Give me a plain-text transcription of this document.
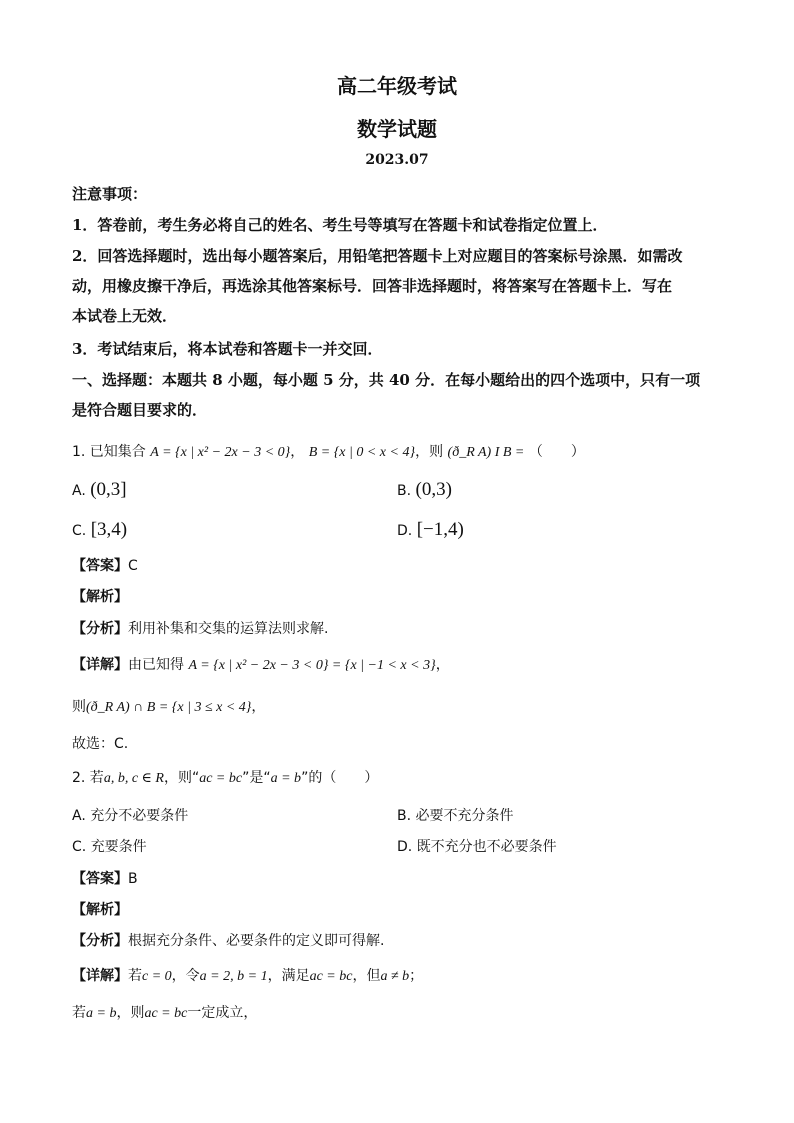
高二年级考试
数学试题
2023.07
注意事项：
1．答卷前，考生务必将自己的姓名、考生号等填写在答题卡和试卷指定位置上．
2．回答选择题时，选出每小题答案后，用铅笔把答题卡上对应题目的答案标号涂黑．如需改
动，用橡皮擦干净后，再选涂其他答案标号．回答非选择题时，将答案写在答题卡上．写在
本试卷上无效．
3．考试结束后，将本试卷和答题卡一并交回．
一、选择题：本题共 8 小题，每小题 5 分，共 40 分．在每小题给出的四个选项中，只有一项
是符合题目要求的．
1. 已知集合 A = {x | x² − 2x − 3 < 0}， B = {x | 0 < x < 4}，则 (ð_R A) I B = （　　）
A. (0,3]	B. (0,3)
C. [3,4)	D. [−1,4)
【答案】C
【解析】
【分析】利用补集和交集的运算法则求解.
【详解】由已知得 A = {x | x² − 2x − 3 < 0} = {x | −1 < x < 3}，
则(ð_R A) ∩ B = {x | 3 ≤ x < 4}，
故选：C.
2. 若a, b, c ∈ R，则“ac = bc”是“a = b”的（　　）
A. 充分不必要条件	B. 必要不充分条件
C. 充要条件	D. 既不充分也不必要条件
【答案】B
【解析】
【分析】根据充分条件、必要条件的定义即可得解.
【详解】若c = 0，令a = 2, b = 1，满足ac = bc，但a ≠ b；
若a = b，则ac = bc一定成立，
